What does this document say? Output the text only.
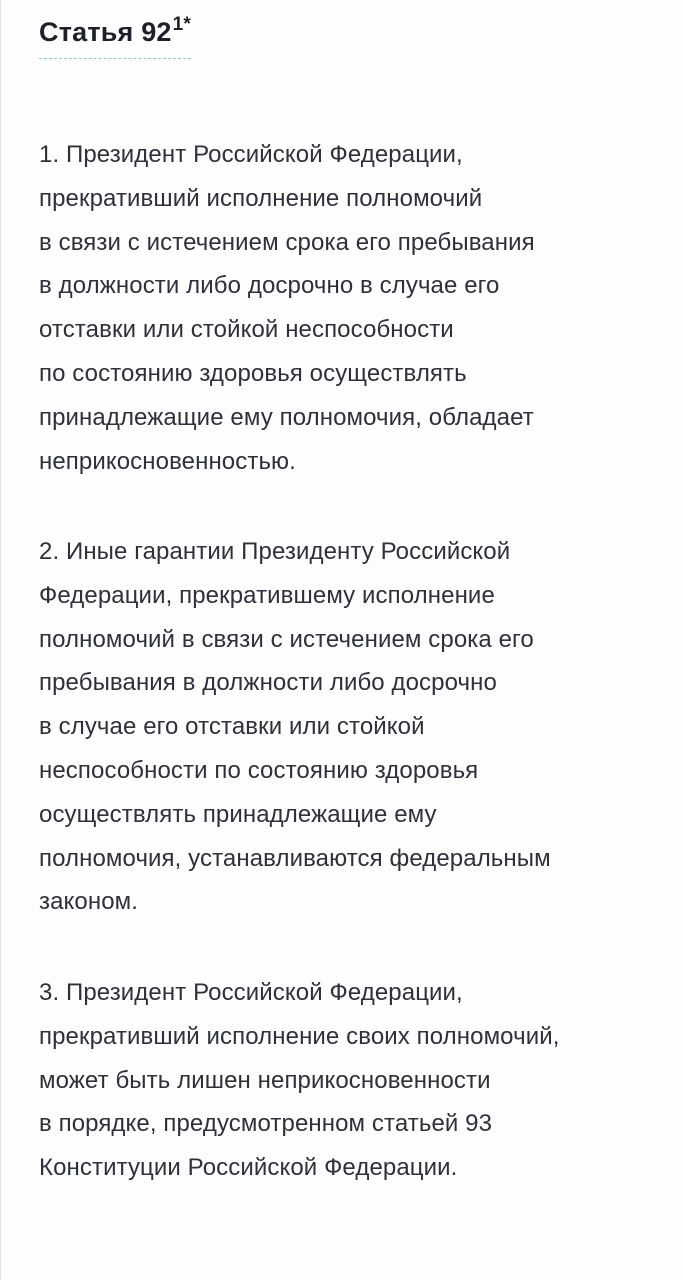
Статья $92^{1*}$

1. Президент Российской Федерации,
прекративший исполнение полномочий
в связи с истечением срока его пребывания
в должности либо досрочно в случае его
отставки или стойкой неспособности
по состоянию здоровья осуществлять
принадлежащие ему полномочия, обладает
неприкосновенностью.

2. Иные гарантии Президенту Российской
Федерации, прекратившему исполнение
полномочий в связи с истечением срока его
пребывания в должности либо досрочно
в случае его отставки или стойкой
неспособности по состоянию здоровья
осуществлять принадлежащие ему
полномочия, устанавливаются федеральным
законом.

3. Президент Российской Федерации,
прекративший исполнение своих полномочий,
может быть лишен неприкосновенности
в порядке, предусмотренном статьей 93
Конституции Российской Федерации.
